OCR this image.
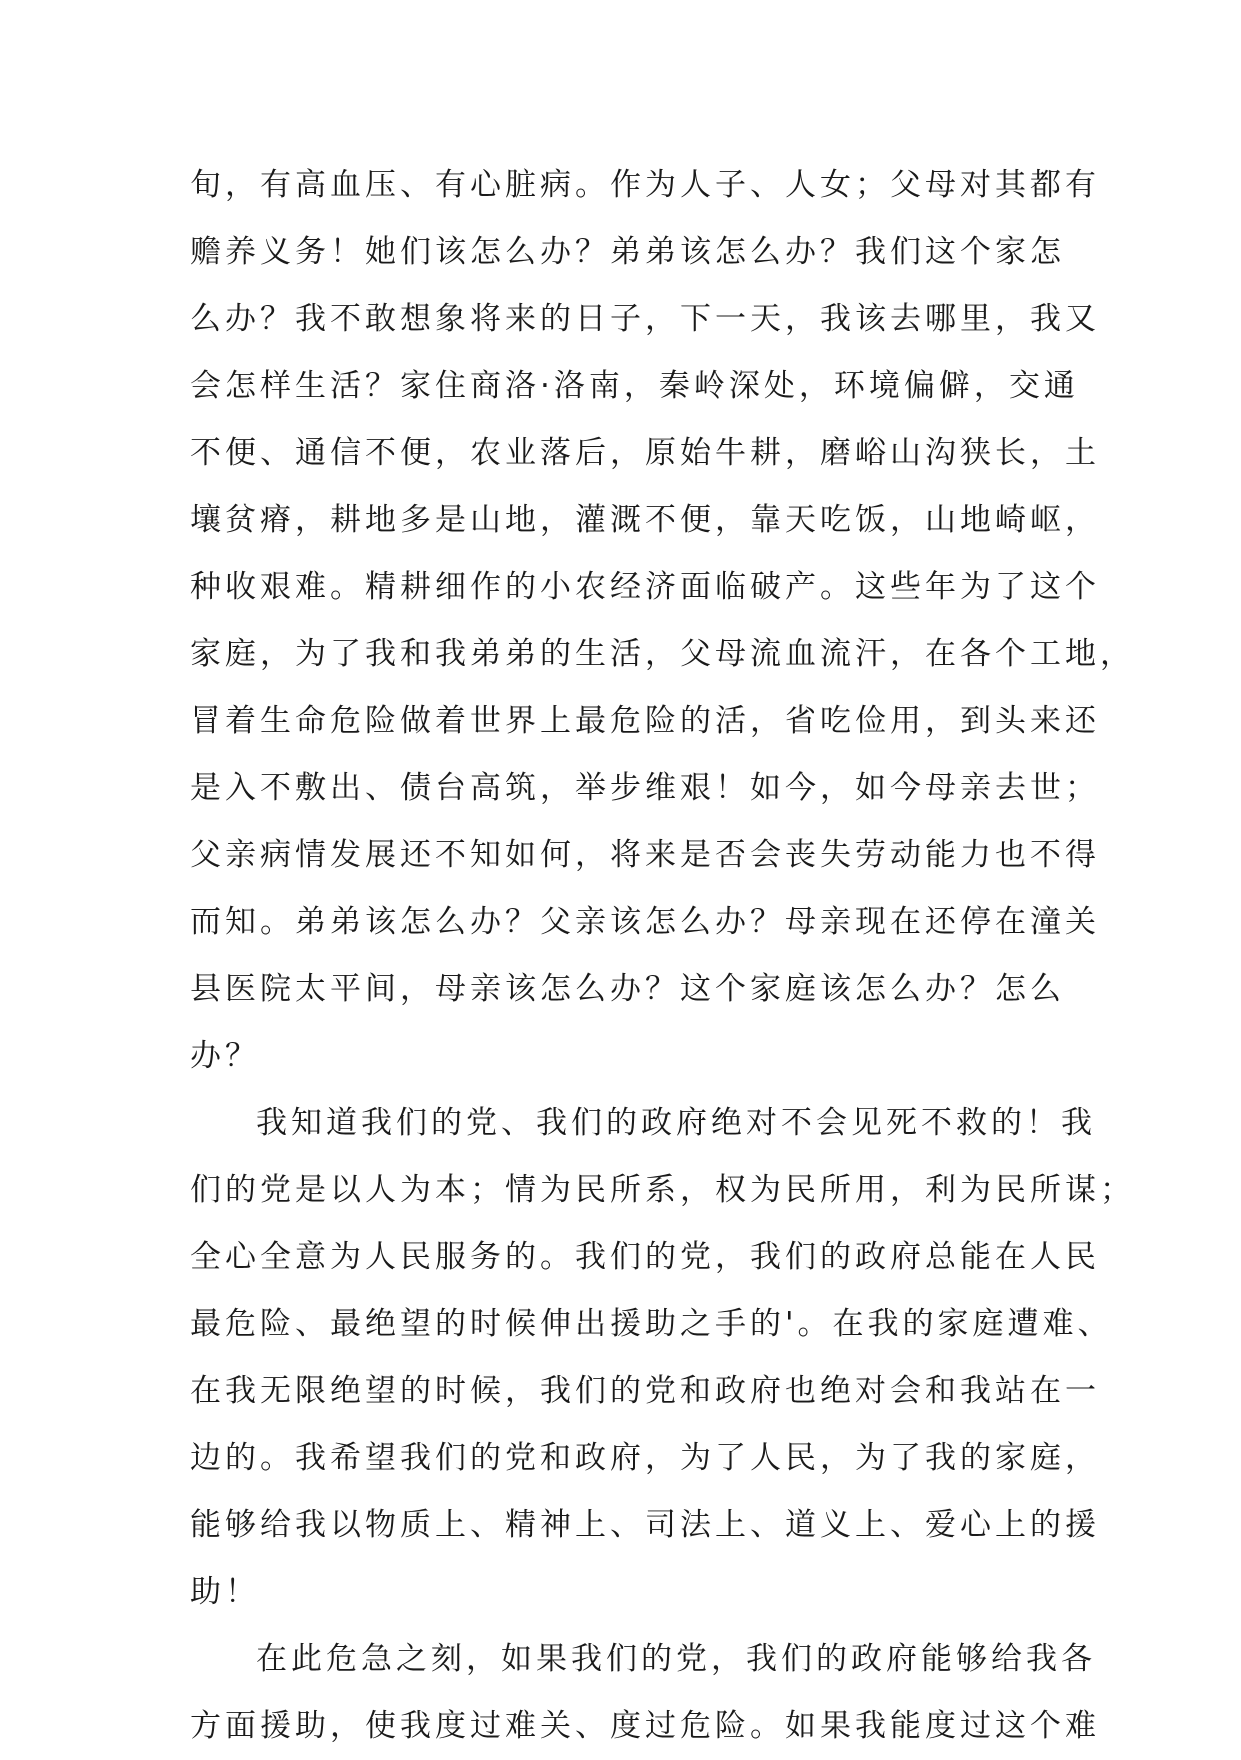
旬，有高血压、有心脏病。作为人子、人女；父母对其都有
赡养义务！她们该怎么办？弟弟该怎么办？我们这个家怎
么办？我不敢想象将来的日子，下一天，我该去哪里，我又
会怎样生活？家住商洛·洛南，秦岭深处，环境偏僻，交通
不便、通信不便，农业落后，原始牛耕，磨峪山沟狭长，土
壤贫瘠，耕地多是山地，灌溉不便，靠天吃饭，山地崎岖，
种收艰难。精耕细作的小农经济面临破产。这些年为了这个
家庭，为了我和我弟弟的生活，父母流血流汗，在各个工地，
冒着生命危险做着世界上最危险的活，省吃俭用，到头来还
是入不敷出、债台高筑，举步维艰！如今，如今母亲去世；
父亲病情发展还不知如何，将来是否会丧失劳动能力也不得
而知。弟弟该怎么办？父亲该怎么办？母亲现在还停在潼关
县医院太平间，母亲该怎么办？这个家庭该怎么办？怎么
办？
我知道我们的党、我们的政府绝对不会见死不救的！我
们的党是以人为本；情为民所系，权为民所用，利为民所谋；
全心全意为人民服务的。我们的党，我们的政府总能在人民
最危险、最绝望的时候伸出援助之手的'。在我的家庭遭难、
在我无限绝望的时候，我们的党和政府也绝对会和我站在一
边的。我希望我们的党和政府，为了人民，为了我的家庭，
能够给我以物质上、精神上、司法上、道义上、爱心上的援
助！
在此危急之刻，如果我们的党，我们的政府能够给我各
方面援助，使我度过难关、度过危险。如果我能度过这个难
